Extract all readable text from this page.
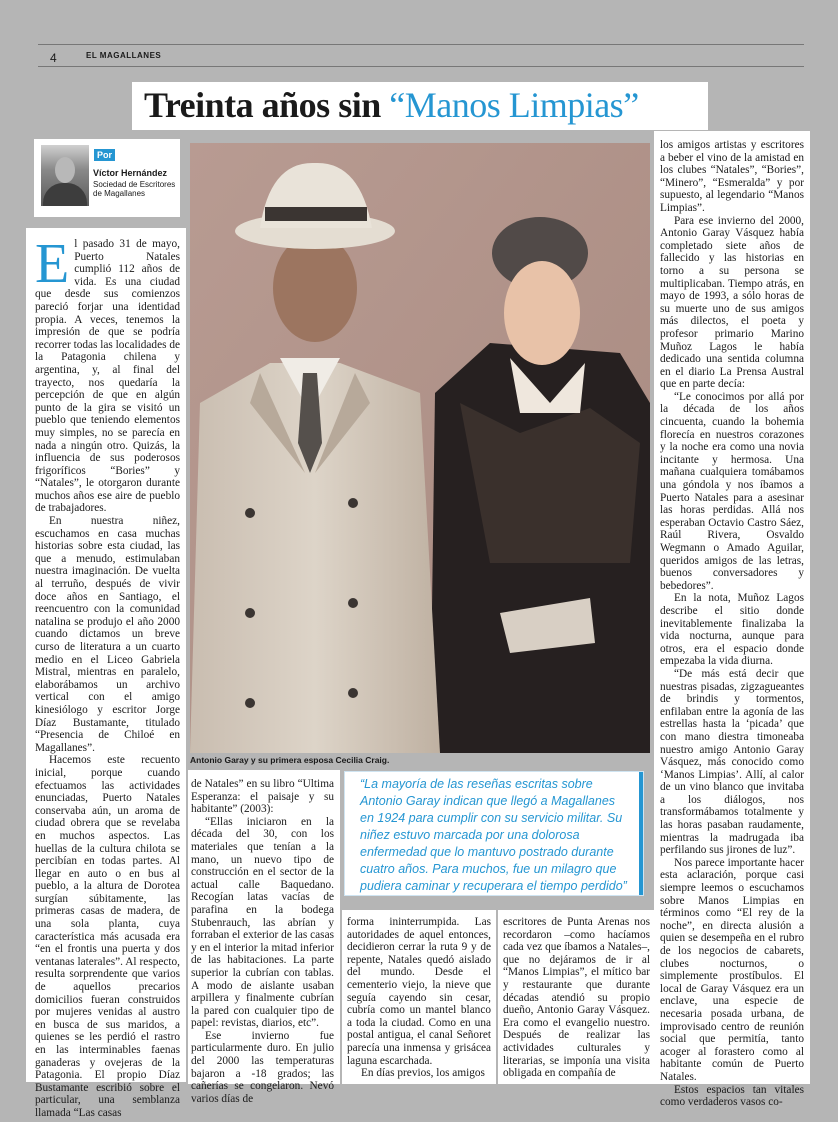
4	EL MAGALLANES
Treinta años sin “Manos Limpias”
Por
Víctor Hernández
Sociedad de Escritores de Magallanes
E l pasado 31 de mayo, Puerto Natales cumplió 112 años de vida. Es una ciudad que desde sus comienzos pareció forjar una identidad propia. A veces, tenemos la impresión de que se podría recorrer todas las localidades de la Patagonia chilena y argentina, y, al final del trayecto, nos quedaría la percepción de que en algún punto de la gira se visitó un pueblo que teniendo elementos muy simples, no se parecía en nada a ningún otro. Quizás, la influencia de sus poderosos frigoríficos “Bories” y “Natales”, le otorgaron durante muchos años ese aire de pueblo de trabajadores.

En nuestra niñez, escuchamos en casa muchas historias sobre esta ciudad, las que a menudo, estimulaban nuestra imaginación. De vuelta al terruño, después de vivir doce años en Santiago, el reencuentro con la comunidad natalina se produjo el año 2000 cuando dictamos un breve curso de literatura a un cuarto medio en el Liceo Gabriela Mistral, mientras en paralelo, elaborábamos un archivo vertical con el amigo kinesiólogo y escritor Jorge Díaz Bustamante, titulado “Presencia de Chiloé en Magallanes”.

Hacemos este recuento inicial, porque cuando efectuamos las actividades enunciadas, Puerto Natales conservaba aún, un aroma de ciudad obrera que se revelaba en muchos aspectos. Las huellas de la cultura chilota se percibían en todas partes. Al llegar en auto o en bus al pueblo, a la altura de Dorotea surgían súbitamente, las primeras casas de madera, de una sola planta, cuya característica más acusada era “en el frontis una puerta y dos ventanas laterales”. Al respecto, resulta sorprendente que varios de aquellos precarios domicilios fueran construidos por mujeres venidas al austro en busca de sus maridos, a quienes se les perdió el rastro en las interminables faenas ganaderas y ovejeras de la Patagonia. El propio Díaz Bustamante escribió sobre el particular, una semblanza llamada “Las casas

Antonio Garay y su primera esposa Cecilia Craig.

de Natales” en su libro “Ultima Esperanza: el paisaje y su habitante” (2003):

“Ellas iniciaron en la década del 30, con los materiales que tenían a la mano, un nuevo tipo de construcción en el sector de la actual calle Baquedano. Recogían latas vacías de parafina en la bodega Stubenrauch, las abrían y forraban el exterior de las casas y en el interior la mitad inferior de las habitaciones. La parte superior la cubrían con tablas. A modo de aislante usaban arpillera y finalmente cubrían la pared con cualquier tipo de papel: revistas, diarios, etc”.

Ese invierno fue particularmente duro. En julio del 2000 las temperaturas bajaron a -18 grados; las cañerías se congelaron. Nevó varios días de

“La mayoría de las reseñas escritas sobre Antonio Garay indican que llegó a Magallanes en 1924 para cumplir con su servicio militar. Su niñez estuvo marcada por una dolorosa enfermedad que lo mantuvo postrado durante cuatro años. Para muchos, fue un milagro que pudiera caminar y recuperara el tiempo perdido”

forma ininterrumpida. Las autoridades de aquel entonces, decidieron cerrar la ruta 9 y de repente, Natales quedó aislado del mundo. Desde el cementerio viejo, la nieve que seguía cayendo sin cesar, cubría como un mantel blanco a toda la ciudad. Como en una postal antigua, el canal Señoret parecía una inmensa y grisácea laguna escarchada.

En días previos, los amigos

escritores de Punta Arenas nos recordaron –como hacíamos cada vez que íbamos a Natales–, que no dejáramos de ir al “Manos Limpias”, el mítico bar y restaurante que durante décadas atendió su propio dueño, Antonio Garay Vásquez. Era como el evangelio nuestro. Después de realizar las actividades culturales y literarias, se imponía una visita obligada en compañía de

los amigos artistas y escritores a beber el vino de la amistad en los clubes “Natales”, “Bories”, “Minero”, “Esmeralda” y por supuesto, al legendario “Manos Limpias”.

Para ese invierno del 2000, Antonio Garay Vásquez había completado siete años de fallecido y las historias en torno a su persona se multiplicaban. Tiempo atrás, en mayo de 1993, a sólo horas de su muerte uno de sus amigos más dilectos, el poeta y profesor primario Marino Muñoz Lagos le había dedicado una sentida columna en el diario La Prensa Austral que en parte decía:

“Le conocimos por allá por la década de los años cincuenta, cuando la bohemia florecía en nuestros corazones y la noche era como una novia incitante y hermosa. Una mañana cualquiera tomábamos una góndola y nos íbamos a Puerto Natales para a asesinar las horas perdidas. Allá nos esperaban Octavio Castro Sáez, Raúl Rivera, Osvaldo Wegmann o Amado Aguilar, queridos amigos de las letras, buenos conversadores y bebedores”.

En la nota, Muñoz Lagos describe el sitio donde inevitablemente finalizaba la vida nocturna, aunque para otros, era el espacio donde empezaba la vida diurna.

“De más está decir que nuestras pisadas, zigzagueantes de brindis y tormentos, enfilaban entre la agonía de las estrellas hasta la ‘picada’ que con mano diestra timoneaba nuestro amigo Antonio Garay Vásquez, más conocido como ‘Manos Limpias’. Allí, al calor de un vino blanco que invitaba a los diálogos, nos transformábamos totalmente y las horas pasaban raudamente, mientras la madrugada iba perfilando sus jirones de luz”.

Nos parece importante hacer esta aclaración, porque casi siempre leemos o escuchamos sobre Manos Limpias en términos como “El rey de la noche”, en directa alusión a quien se desempeña en el rubro de los negocios de cabarets, clubes nocturnos, o simplemente prostíbulos. El local de Garay Vásquez era un enclave, una especie de necesaria posada urbana, de improvisado centro de reunión social que permitía, tanto acoger al forastero como al habitante común de Puerto Natales.

Estos espacios tan vitales como verdaderos vasos co-
